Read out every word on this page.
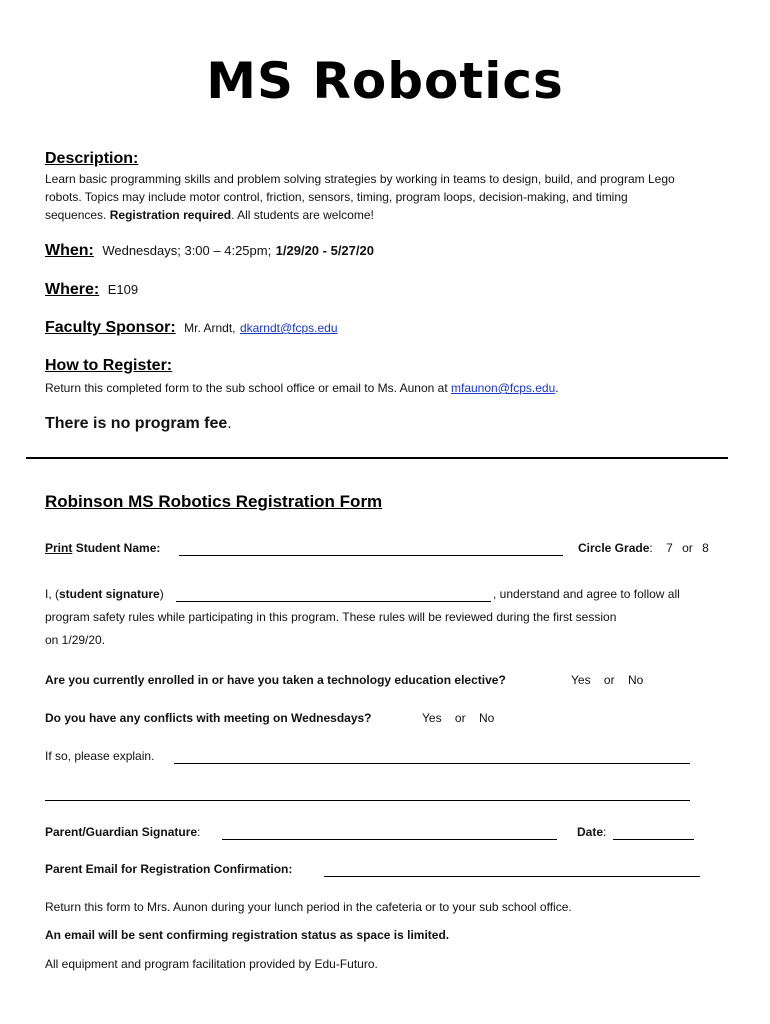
MS Robotics
Description:
Learn basic programming skills and problem solving strategies by working in teams to design, build, and program Lego
robots. Topics may include motor control, friction, sensors, timing, program loops, decision-making, and timing
sequences. Registration required. All students are welcome!
When: Wednesdays; 3:00 – 4:25pm; 1/29/20 - 5/27/20
Where: E109
Faculty Sponsor: Mr. Arndt, dkarndt@fcps.edu
How to Register:
Return this completed form to the sub school office or email to Ms. Aunon at mfaunon@fcps.edu.
There is no program fee.
Robinson MS Robotics Registration Form
Print Student Name:	Circle Grade: 7 or 8
I, (student signature)	, understand and agree to follow all
program safety rules while participating in this program. These rules will be reviewed during the first session
on 1/29/20.
Are you currently enrolled in or have you taken a technology education elective?	Yes or No
Do you have any conflicts with meeting on Wednesdays?	Yes or No
If so, please explain.
Parent/Guardian Signature:	Date:
Parent Email for Registration Confirmation:
Return this form to Mrs. Aunon during your lunch period in the cafeteria or to your sub school office.
An email will be sent confirming registration status as space is limited.
All equipment and program facilitation provided by Edu-Futuro.
